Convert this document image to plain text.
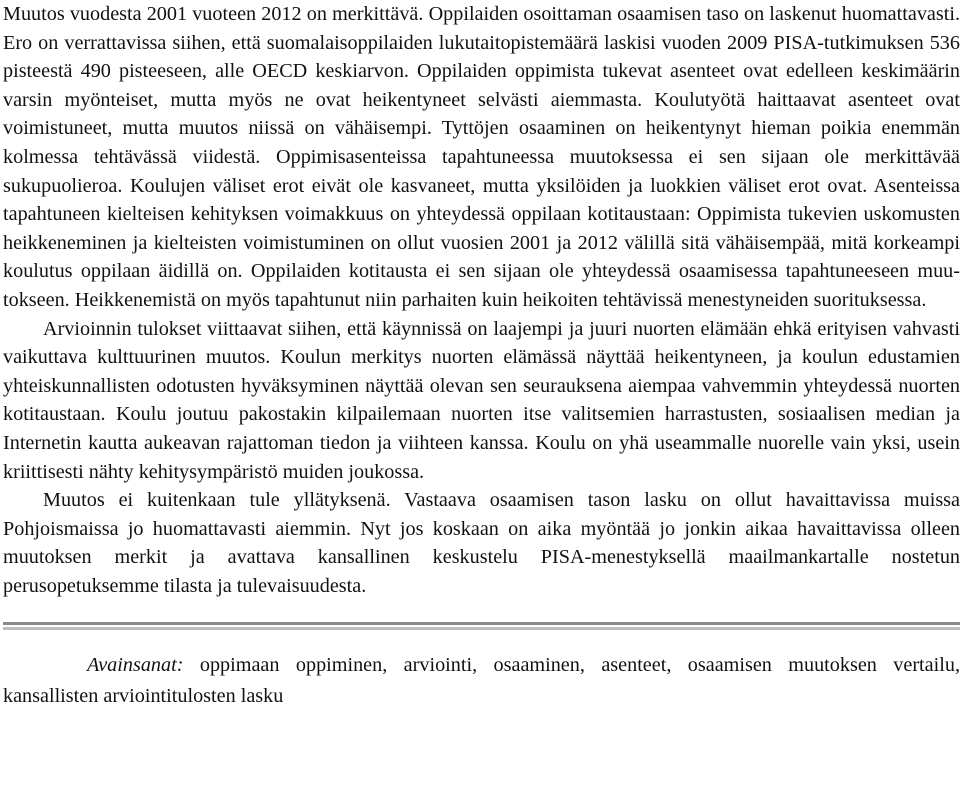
Muutos vuodesta 2001 vuoteen 2012 on merkittävä. Oppilaiden osoittaman osaamisen taso on laskenut huomattavasti. Ero on verrattavissa siihen, että suomalaisoppilaiden lukutaitopistemäärä laskisi vuoden 2009 PISA-tutkimuksen 536 pisteestä 490 pisteeseen, alle OECD keskiarvon. Oppilaiden oppimista tukevat asenteet ovat edelleen keskimäärin varsin myönteiset, mutta myös ne ovat heikentyneet selvästi aiemmasta. Koulutyötä haittaavat asenteet ovat voimistuneet, mutta muutos niissä on vähäisempi. Tyttöjen osaaminen on heikentynyt hieman poikia enemmän kolmessa tehtävässä viidestä. Oppimisasenteissa tapahtuneessa muutoksessa ei sen sijaan ole merkittävää sukupuolieroa. Koulujen väliset erot eivät ole kasvaneet, mutta yksilöiden ja luokkien väliset erot ovat. Asenteissa tapahtuneen kielteisen kehityksen voimakkuus on yhteydessä oppilaan kotitaustaan: Oppimista tukevien uskomusten heikkeneminen ja kielteisten voimistuminen on ollut vuosien 2001 ja 2012 välillä sitä vähäisempää, mitä korkeampi koulutus oppilaan äidillä on. Oppilaiden kotitausta ei sen sijaan ole yhteydessä osaamisessa tapahtuneeseen muutokseen. Heikkenemistä on myös tapahtunut niin parhaiten kuin heikoiten tehtävissä menestyneiden suorituksessa.

Arvioinnin tulokset viittaavat siihen, että käynnissä on laajempi ja juuri nuorten elämään ehkä erityisen vahvasti vaikuttava kulttuurinen muutos. Koulun merkitys nuorten elämässä näyttää heikentyneen, ja koulun edustamien yhteiskunnallisten odotusten hyväksyminen näyttää olevan sen seurauksena aiempaa vahvemmin yhteydessä nuorten kotitaustaan. Koulu joutuu pakostakin kilpailemaan nuorten itse valitsemien harrastusten, sosiaalisen median ja Internetin kautta aukeavan rajattoman tiedon ja viihteen kanssa. Koulu on yhä useammalle nuorelle vain yksi, usein kriittisesti nähty kehitysympäristö muiden joukossa.

Muutos ei kuitenkaan tule yllätyksenä. Vastaava osaamisen tason lasku on ollut havaittavissa muissa Pohjoismaissa jo huomattavasti aiemmin. Nyt jos koskaan on aika myöntää jo jonkin aikaa havaittavissa olleen muutoksen merkit ja avattava kansallinen keskustelu PISA-menestyksellä maailmankartalle nostetun perusopetuksemme tilasta ja tulevaisuudesta.

Avainsanat: oppimaan oppiminen, arviointi, osaaminen, asenteet, osaamisen muutoksen vertailu, kansallisten arviointitulosten lasku
